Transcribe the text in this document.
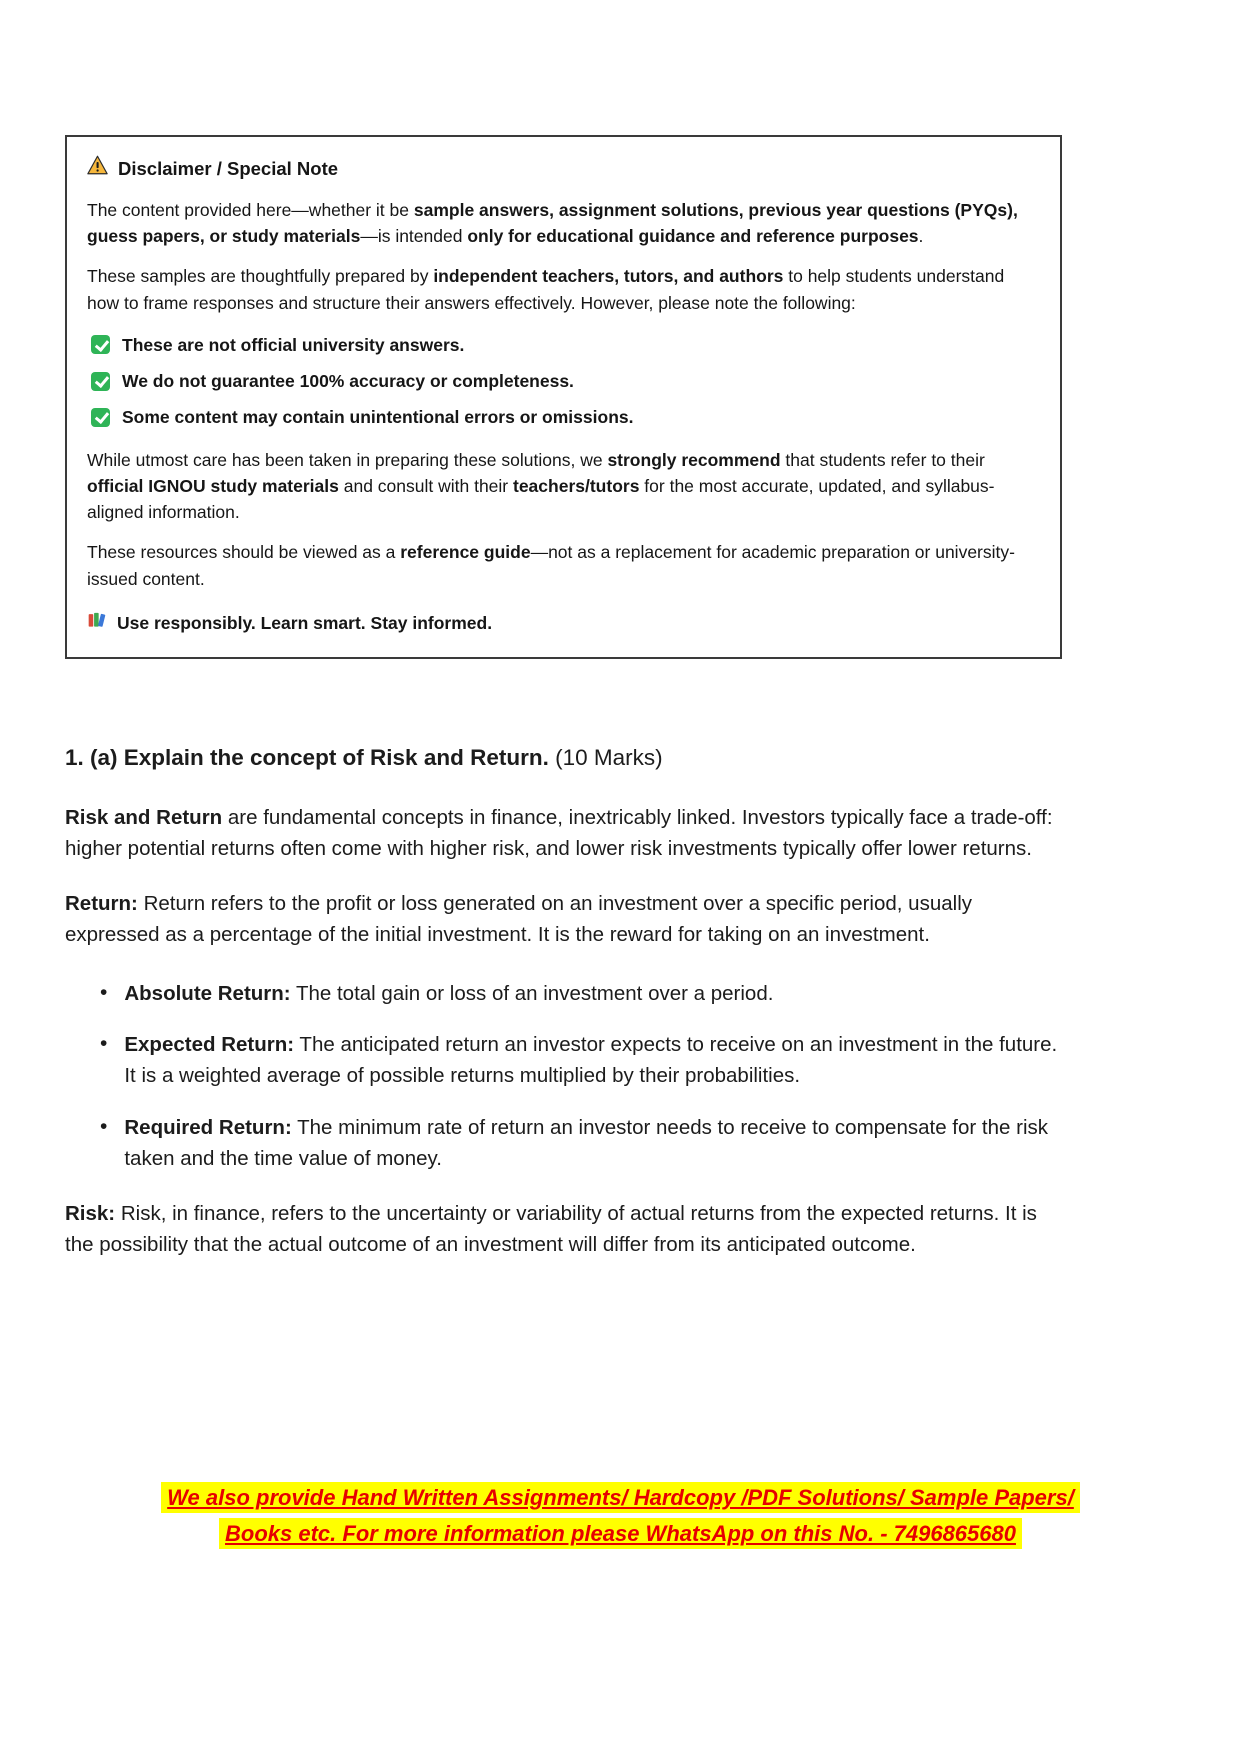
Disclaimer / Special Note

The content provided here—whether it be sample answers, assignment solutions, previous year questions (PYQs), guess papers, or study materials—is intended only for educational guidance and reference purposes.

These samples are thoughtfully prepared by independent teachers, tutors, and authors to help students understand how to frame responses and structure their answers effectively. However, please note the following:

These are not official university answers.
We do not guarantee 100% accuracy or completeness.
Some content may contain unintentional errors or omissions.

While utmost care has been taken in preparing these solutions, we strongly recommend that students refer to their official IGNOU study materials and consult with their teachers/tutors for the most accurate, updated, and syllabus-aligned information.

These resources should be viewed as a reference guide—not as a replacement for academic preparation or university-issued content.

Use responsibly. Learn smart. Stay informed.
1. (a) Explain the concept of Risk and Return. (10 Marks)

Risk and Return are fundamental concepts in finance, inextricably linked. Investors typically face a trade-off: higher potential returns often come with higher risk, and lower risk investments typically offer lower returns.

Return: Return refers to the profit or loss generated on an investment over a specific period, usually expressed as a percentage of the initial investment. It is the reward for taking on an investment.

• Absolute Return: The total gain or loss of an investment over a period.
• Expected Return: The anticipated return an investor expects to receive on an investment in the future. It is a weighted average of possible returns multiplied by their probabilities.
• Required Return: The minimum rate of return an investor needs to receive to compensate for the risk taken and the time value of money.

Risk: Risk, in finance, refers to the uncertainty or variability of actual returns from the expected returns. It is the possibility that the actual outcome of an investment will differ from its anticipated outcome.

We also provide Hand Written Assignments/ Hardcopy /PDF Solutions/ Sample Papers/ Books etc. For more information please WhatsApp on this No. - 7496865680
